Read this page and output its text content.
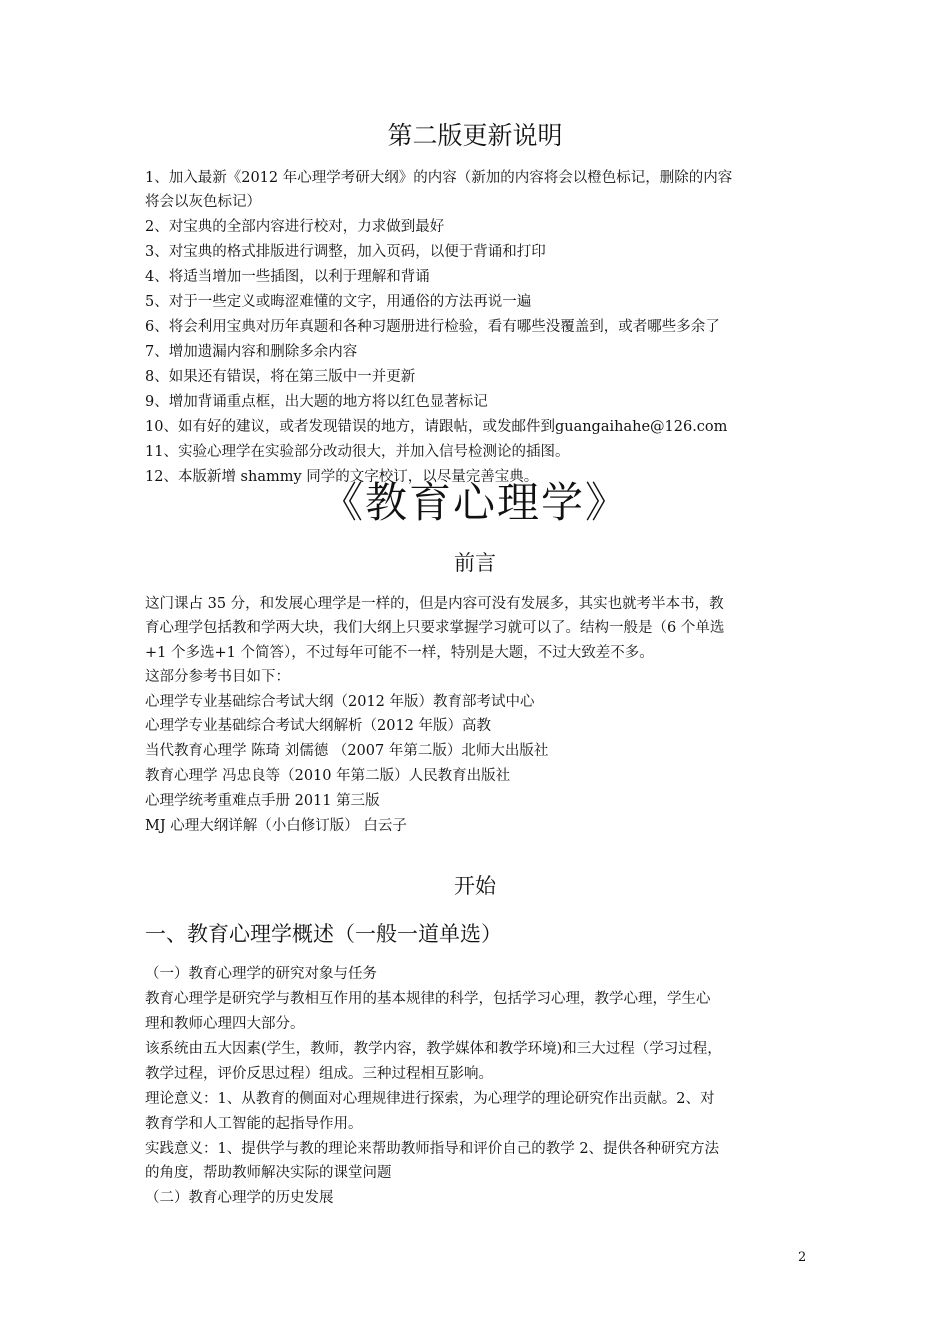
第二版更新说明
1、加入最新《2012 年心理学考研大纲》的内容（新加的内容将会以橙色标记，删除的内容
将会以灰色标记）
2、对宝典的全部内容进行校对，力求做到最好
3、对宝典的格式排版进行调整，加入页码，以便于背诵和打印
4、将适当增加一些插图，以利于理解和背诵
5、对于一些定义或晦涩难懂的文字，用通俗的方法再说一遍
6、将会利用宝典对历年真题和各种习题册进行检验，看有哪些没覆盖到，或者哪些多余了
7、增加遗漏内容和删除多余内容
8、如果还有错误，将在第三版中一并更新
9、增加背诵重点框，出大题的地方将以红色显著标记
10、如有好的建议，或者发现错误的地方，请跟帖，或发邮件到guangaihahe@126.com
11、实验心理学在实验部分改动很大，并加入信号检测论的插图。
12、本版新增 shammy 同学的文字校订，以尽量完善宝典。
《教育心理学》
前言
这门课占 35 分，和发展心理学是一样的，但是内容可没有发展多，其实也就考半本书，教
育心理学包括教和学两大块，我们大纲上只要求掌握学习就可以了。结构一般是（6 个单选
+1 个多选+1 个简答），不过每年可能不一样，特别是大题，不过大致差不多。
这部分参考书目如下：
心理学专业基础综合考试大纲（2012 年版）教育部考试中心
心理学专业基础综合考试大纲解析（2012 年版）高教
当代教育心理学 陈琦 刘儒德 （2007 年第二版）北师大出版社
教育心理学 冯忠良等（2010 年第二版）人民教育出版社
心理学统考重难点手册 2011 第三版
MJ 心理大纲详解（小白修订版） 白云子
开始
一、教育心理学概述（一般一道单选）
（一）教育心理学的研究对象与任务
教育心理学是研究学与教相互作用的基本规律的科学，包括学习心理，教学心理，学生心
理和教师心理四大部分。
该系统由五大因素(学生，教师，教学内容，教学媒体和教学环境)和三大过程（学习过程，
教学过程，评价反思过程）组成。三种过程相互影响。
理论意义：1、从教育的侧面对心理规律进行探索，为心理学的理论研究作出贡献。2、对
教育学和人工智能的起指导作用。
实践意义：1、提供学与教的理论来帮助教师指导和评价自己的教学 2、提供各种研究方法
的角度，帮助教师解决实际的课堂问题
（二）教育心理学的历史发展
2
